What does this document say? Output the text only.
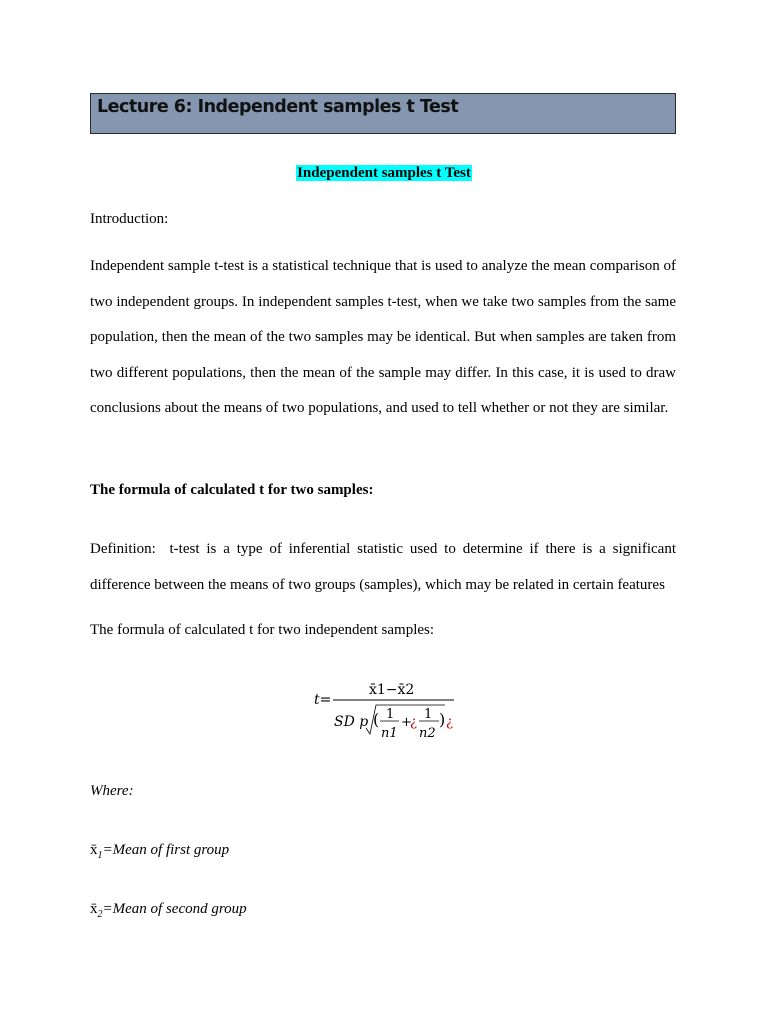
Lecture 6: Independent samples t Test
Independent samples t Test
Introduction:
Independent sample t-test is a statistical technique that is used to analyze the mean comparison of two independent groups. In independent samples t-test, when we take two samples from the same population, then the mean of the two samples may be identical. But when samples are taken from two different populations, then the mean of the sample may differ. In this case, it is used to draw conclusions about the means of two populations, and used to tell whether or not they are similar.
The formula of calculated t for two samples:
Definition: t-test is a type of inferential statistic used to determine if there is a significant difference between the means of two groups (samples), which may be related in certain features
The formula of calculated t for two independent samples:
t=
x̄1−x̄2
SD p ( 1
n1
+
¿
1
n2
) ¿
Where:
$x̄_1=Mean$ of first group
$x̄_2=Mean$ of second group
